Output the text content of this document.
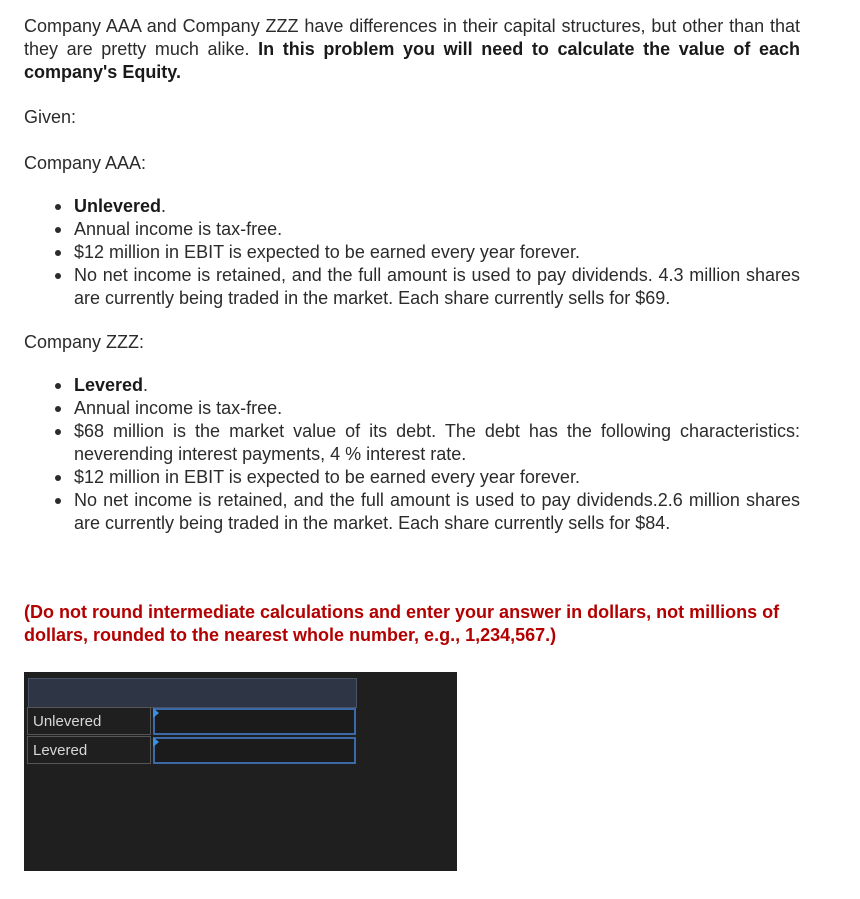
Company AAA and Company ZZZ have differences in their capital structures, but other than that they are pretty much alike. In this problem you will need to calculate the value of each company's Equity.

Given:

Company AAA:

Unlevered.
Annual income is tax-free.
$12 million in EBIT is expected to be earned every year forever.
No net income is retained, and the full amount is used to pay dividends. 4.3 million shares are currently being traded in the market. Each share currently sells for $69.

Company ZZZ:

Levered.
Annual income is tax-free.
$68 million is the market value of its debt. The debt has the following characteristics: neverending interest payments, 4 % interest rate.
$12 million in EBIT is expected to be earned every year forever.
No net income is retained, and the full amount is used to pay dividends.2.6 million shares are currently being traded in the market. Each share currently sells for $84.

(Do not round intermediate calculations and enter your answer in dollars, not millions of dollars, rounded to the nearest whole number, e.g., 1,234,567.)

Unlevered
Levered
